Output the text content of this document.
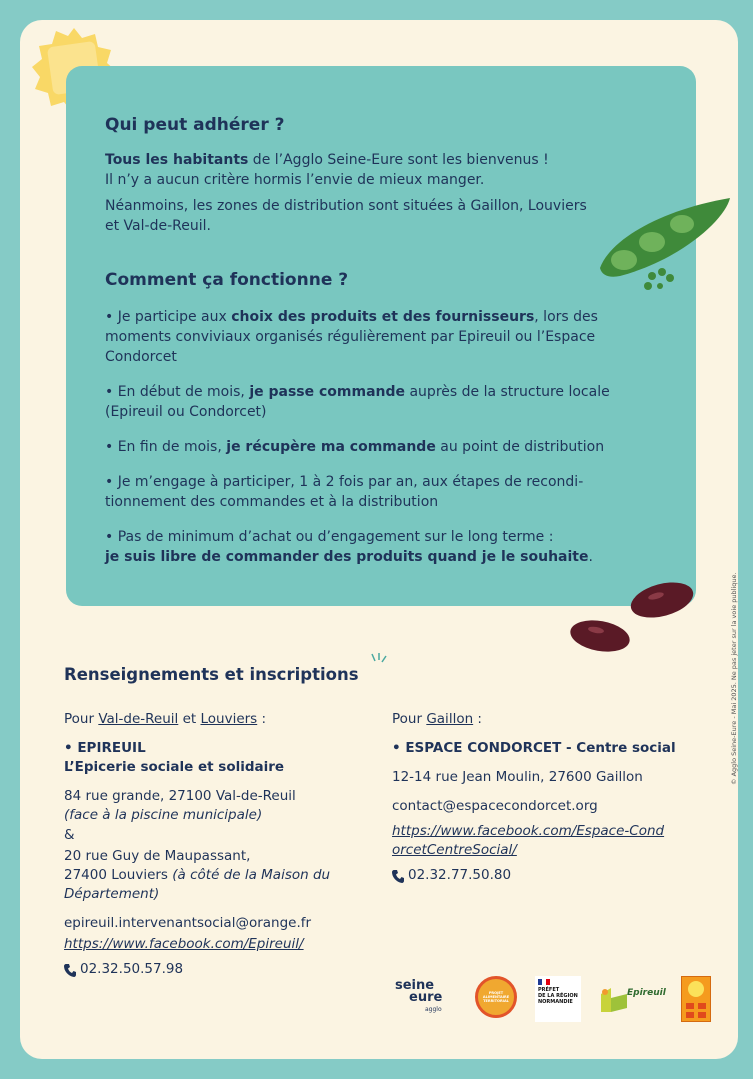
Qui peut adhérer ?

Tous les habitants de l’Agglo Seine-Eure sont les bienvenus !
Il n’y a aucun critère hormis l’envie de mieux manger.

Néanmoins, les zones de distribution sont situées à Gaillon, Louviers et Val-de-Reuil.

Comment ça fonctionne ?

• Je participe aux choix des produits et des fournisseurs, lors des moments conviviaux organisés régulièrement par Epireuil ou l’Espace Condorcet

• En début de mois, je passe commande auprès de la structure locale (Epireuil ou Condorcet)

• En fin de mois, je récupère ma commande au point de distribution

• Je m’engage à participer, 1 à 2 fois par an, aux étapes de recondi-tionnement des commandes et à la distribution

• Pas de minimum d’achat ou d’engagement sur le long terme :
je suis libre de commander des produits quand je le souhaite.

© Agglo Seine-Eure - Mai 2025. Ne pas jeter sur la voie publique.
Renseignements et inscriptions

Pour Val-de-Reuil et Louviers :

• EPIREUIL

L’Epicerie sociale et solidaire

84 rue grande, 27100 Val-de-Reuil

(face à la piscine municipale)

&

20 rue Guy de Maupassant,

27400 Louviers (à côté de la Maison du Département)

epireuil.intervenantsocial@orange.fr

https://www.facebook.com/Epireuil/

02.32.50.57.98

Pour Gaillon :

• ESPACE CONDORCET - Centre social

12-14 rue Jean Moulin, 27600 Gaillon

contact@espacecondorcet.org

https://www.facebook.com/Espace-CondorcetCentreSocial/

02.32.77.50.80

seine
eure
agglo
PROJET ALIMENTAIRE TERRITORIAL
PRÉFET
DE LA RÉGION
NORMANDIE
Epireuil
